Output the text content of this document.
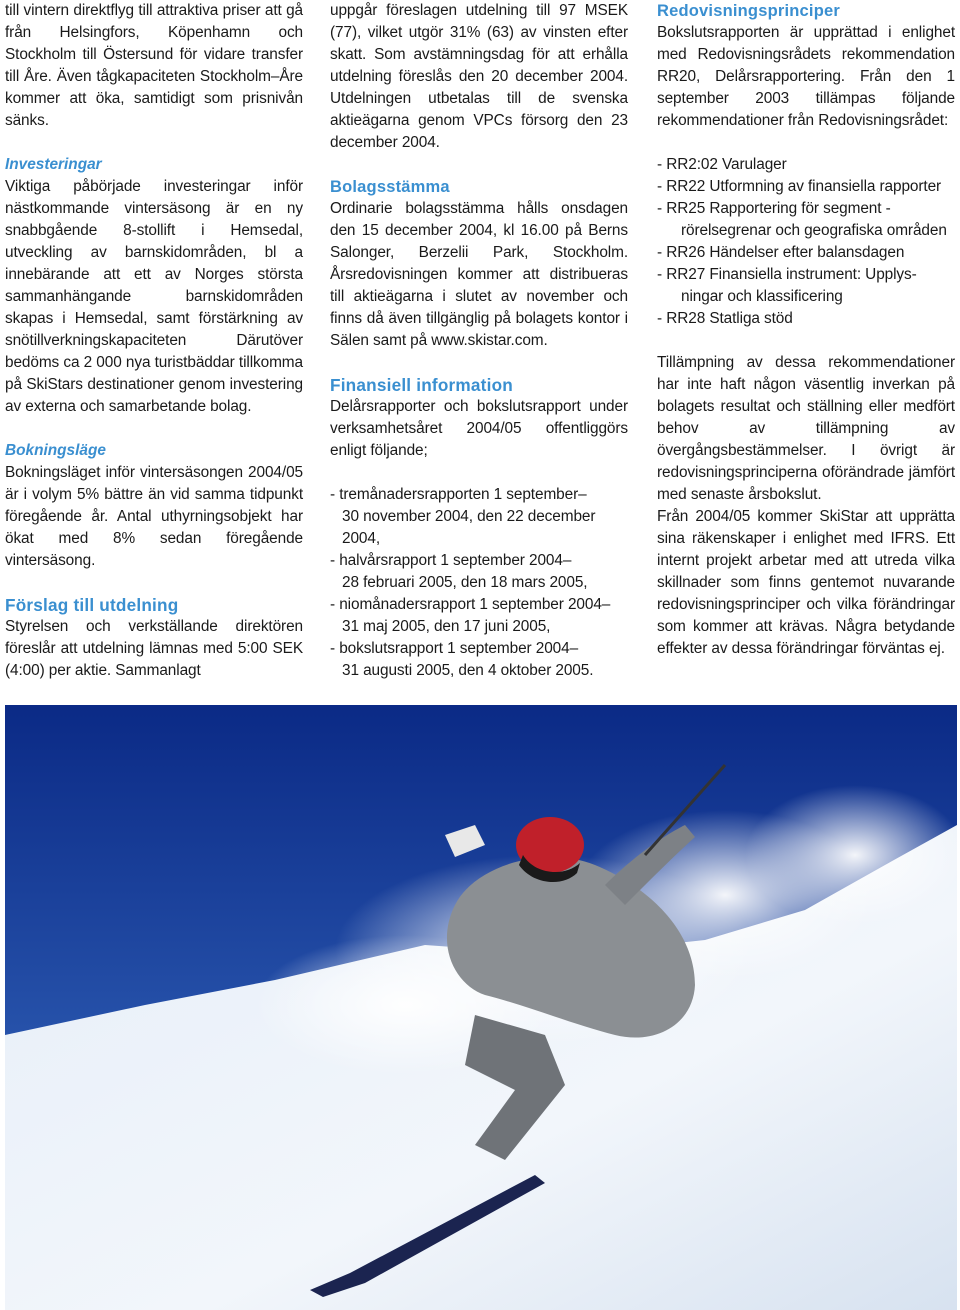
till vintern direktflyg till attraktiva priser att gå från Helsingfors, Köpenhamn och Stockholm till Östersund för vidare transfer till Åre. Även tågkapaciteten Stockholm–Åre kommer att öka, samtidigt som prisnivån sänks.

Investeringar

Viktiga påbörjade investeringar inför nästkommande vintersäsong är en ny snabbgående 8-stollift i Hemsedal, utveckling av barnskidområden, bl a innebärande att ett av Norges största sammanhängande barnskidområden skapas i Hemsedal, samt förstärkning av snötillverkningskapaciteten Därutöver bedöms ca 2 000 nya turistbäddar tillkomma på SkiStars destinationer genom investering av externa och samarbetande bolag.

Bokningsläge

Bokningsläget inför vintersäsongen 2004/05 är i volym 5% bättre än vid samma tidpunkt föregående år. Antal uthyrningsobjekt har ökat med 8% sedan föregående vintersäsong.

Förslag till utdelning

Styrelsen och verkställande direktören föreslår att utdelning lämnas med 5:00 SEK (4:00) per aktie. Sammanlagt

uppgår föreslagen utdelning till 97 MSEK (77), vilket utgör 31% (63) av vinsten efter skatt. Som avstämningsdag för att erhålla utdelning föreslås den 20 december 2004. Utdelningen utbetalas till de svenska aktieägarna genom VPCs försorg den 23 december 2004.

Bolagsstämma

Ordinarie bolagsstämma hålls onsdagen den 15 december 2004, kl 16.00 på Berns Salonger, Berzelii Park, Stockholm. Årsredovisningen kommer att distribueras till aktieägarna i slutet av november och finns då även tillgänglig på bolagets kontor i Sälen samt på www.skistar.com.

Finansiell information

Delårsrapporter och bokslutsrapport under verksamhetsåret 2004/05 offentliggörs enligt följande;

- tremånadersrapporten 1 september–
30 november 2004, den 22 december 2004,
- halvårsrapport 1 september 2004–
28 februari 2005, den 18 mars 2005,
- niomånadersrapport 1 september 2004–
31 maj 2005, den 17 juni 2005,
- bokslutsrapport 1 september 2004–
31 augusti 2005, den 4 oktober 2005.
Redovisningsprinciper

Bokslutsrapporten är upprättad i enlighet med Redovisningsrådets rekommendation RR20, Delårsrapportering. Från den 1 september 2003 tillämpas följande rekommendationer från Redovisningsrådet:

- RR2:02 Varulager
- RR22 Utformning av finansiella rapporter
- RR25 Rapportering för segment -
rörelsegrenar och geografiska områden
- RR26 Händelser efter balansdagen
- RR27 Finansiella instrument: Upplys-
ningar och klassificering
- RR28 Statliga stöd

Tillämpning av dessa rekommendationer har inte haft någon väsentlig inverkan på bolagets resultat och ställning eller medfört behov av tillämpning av övergångsbestämmelser. I övrigt är redovisningsprinciperna oförändrade jämfört med senaste årsbokslut.

Från 2004/05 kommer SkiStar att upprätta sina räkenskaper i enlighet med IFRS. Ett internt projekt arbetar med att utreda vilka skillnader som finns gentemot nuvarande redovisningsprinciper och vilka förändringar som kommer att krävas. Några betydande effekter av dessa förändringar förväntas ej.
